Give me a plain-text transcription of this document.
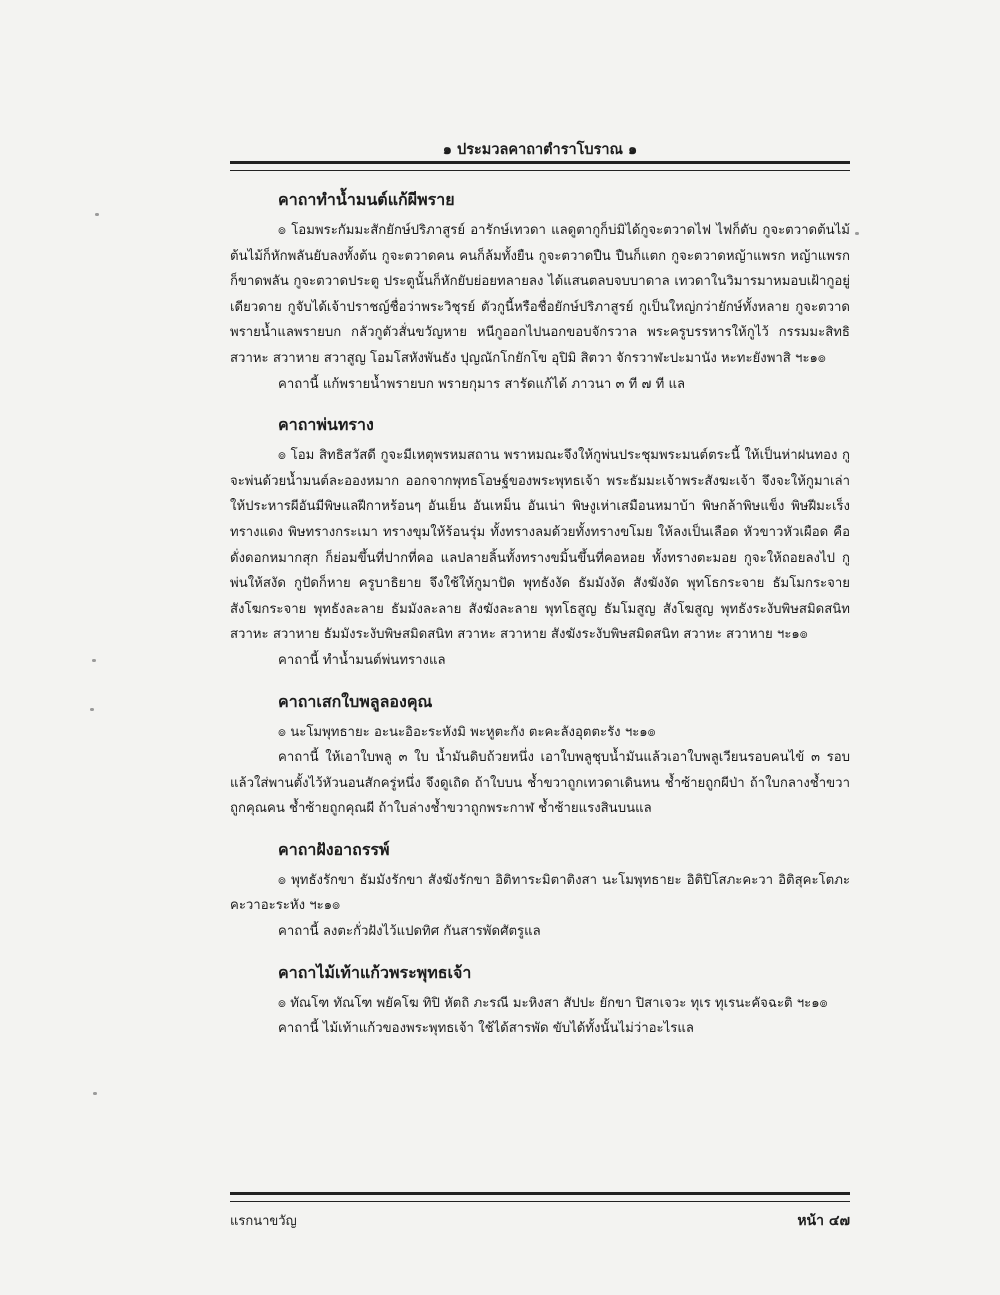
๑ ประมวลคาถาตำราโบราณ ๑
คาถาทำน้ำมนต์แก้ผีพราย

๏ โอมพระกัมมะสักยักษ์ปริภาสูรย์ อารักษ์เทวดา แลดูตากูก็บ่มิได้กูจะตวาดไฟ ไฟก็ดับ กูจะตวาดต้นไม้ ต้นไม้ก็หักพลันยับลงทั้งต้น กูจะตวาดคน คนก็ล้มทั้งยืน กูจะตวาดปืน ปืนก็แตก กูจะตวาดหญ้าแพรก หญ้าแพรกก็ขาดพลัน กูจะตวาดประตู ประตูนั้นก็หักยับย่อยทลายลง ได้แสนตลบจบบาดาล เทวดาในวิมารมาหมอบเฝ้ากูอยู่เดียวดาย กูจับได้เจ้าปราชญ์ชื่อว่าพระวิชุรย์ ตัวกูนี้หรือชื่อยักษ์ปริภาสูรย์ กูเป็นใหญ่กว่ายักษ์ทั้งหลาย กูจะตวาดพรายน้ำแลพรายบก กลัวกูตัวสั่นขวัญหาย หนีกูออกไปนอกขอบจักรวาล พระครูบรรหารให้กูไว้ กรรมมะสิทธิสวาหะ สวาหาย สวาสูญ โอมโสหังพันธัง ปุญณักโกยักโข อุปิมิ สิตวา จักรวาฬะปะมานัง หะทะยังพาสิ ฯะ๑๏

คาถานี้ แก้พรายน้ำพรายบก พรายกุมาร สารัดแก้ได้ ภาวนา ๓ ที ๗ ที แล

คาถาพ่นทราง

๏ โอม สิทธิสวัสดี กูจะมีเหตุพรหมสถาน พราหมณะจึงให้กูพ่นประชุมพระมนต์ตระนี้ ให้เป็นห่าฝนทอง กูจะพ่นด้วยน้ำมนต์ละอองหมาก ออกจากพุทธโอษฐ์ของพระพุทธเจ้า พระธัมมะเจ้าพระสังฆะเจ้า จึงจะให้กูมาเล่าให้ประหารผีอันมีพิษแลฝีกาหร้อนๆ อันเย็น อันเหม็น อันเน่า พิษงูเห่าเสมือนหมาบ้า พิษกล้าพิษแข็ง พิษฝีมะเร็ง ทรางแดง พิษทรางกระเมา ทรางขุมให้ร้อนรุ่ม ทั้งทรางลมด้วยทั้งทรางขโมย ให้ลงเป็นเลือด หัวขาวหัวเผือด คือดั่งดอกหมากสุก ก็ย่อมขึ้นที่ปากที่คอ แลปลายลิ้นทั้งทรางขมิ้นขึ้นที่คอหอย ทั้งทรางตะมอย กูจะให้ถอยลงไป กูพ่นให้สงัด กูปัดก็หาย ครูบาธิยาย จึงใช้ให้กูมาปัด พุทธังงัด ธัมมังงัด สังฆังงัด พุทโธกระจาย ธัมโมกระจาย สังโฆกระจาย พุทธังละลาย ธัมมังละลาย สังฆังละลาย พุทโธสูญ ธัมโมสูญ สังโฆสูญ พุทธังระงับพิษสมิดสนิท สวาหะ สวาหาย ธัมมังระงับพิษสมิดสนิท สวาหะ สวาหาย สังฆังระงับพิษสมิดสนิท สวาหะ สวาหาย ฯะ๑๏

คาถานี้ ทำน้ำมนต์พ่นทรางแล

คาถาเสกใบพลูลองคุณ

๏ นะโมพุทธายะ อะนะอิอะระหังมิ พะหูตะกัง ตะคะลังอุตตะรัง ฯะ๑๏

คาถานี้ ให้เอาใบพลู ๓ ใบ น้ำมันดิบถ้วยหนึ่ง เอาใบพลูชุบน้ำมันแล้วเอาใบพลูเวียนรอบคนไข้ ๓ รอบ แล้วใส่พานตั้งไว้หัวนอนสักครู่หนึ่ง จึงดูเถิด ถ้าใบบน ช้ำขวาถูกเทวดาเดินหน ช้ำซ้ายถูกผีป่า ถ้าใบกลางช้ำขวาถูกคุณคน ช้ำซ้ายถูกคุณผี ถ้าใบล่างช้ำขวาถูกพระกาฬ ช้ำซ้ายแรงสินบนแล

คาถาฝังอาถรรพ์

๏ พุทธังรักขา ธัมมังรักขา สังฆังรักขา อิติทาระมิตาติงสา นะโมพุทธายะ อิติปิโสภะคะวา อิติสุคะโตภะคะวาอะระหัง ฯะ๑๏

คาถานี้ ลงตะกั่วฝังไว้แปดทิศ กันสารพัดศัตรูแล

คาถาไม้เท้าแก้วพระพุทธเจ้า

๏ ทัณโฑ ทัณโฑ พยัคโฆ ทิปิ หัตถิ ภะรณี มะหิงสา สัปปะ ยักขา ปิสาเจวะ ทุเร ทุเรนะคัจฉะติ ฯะ๑๏

คาถานี้ ไม้เท้าแก้วของพระพุทธเจ้า ใช้ได้สารพัด ขับได้ทั้งนั้นไม่ว่าอะไรแล

แรกนาขวัญ	หน้า ๔๗
